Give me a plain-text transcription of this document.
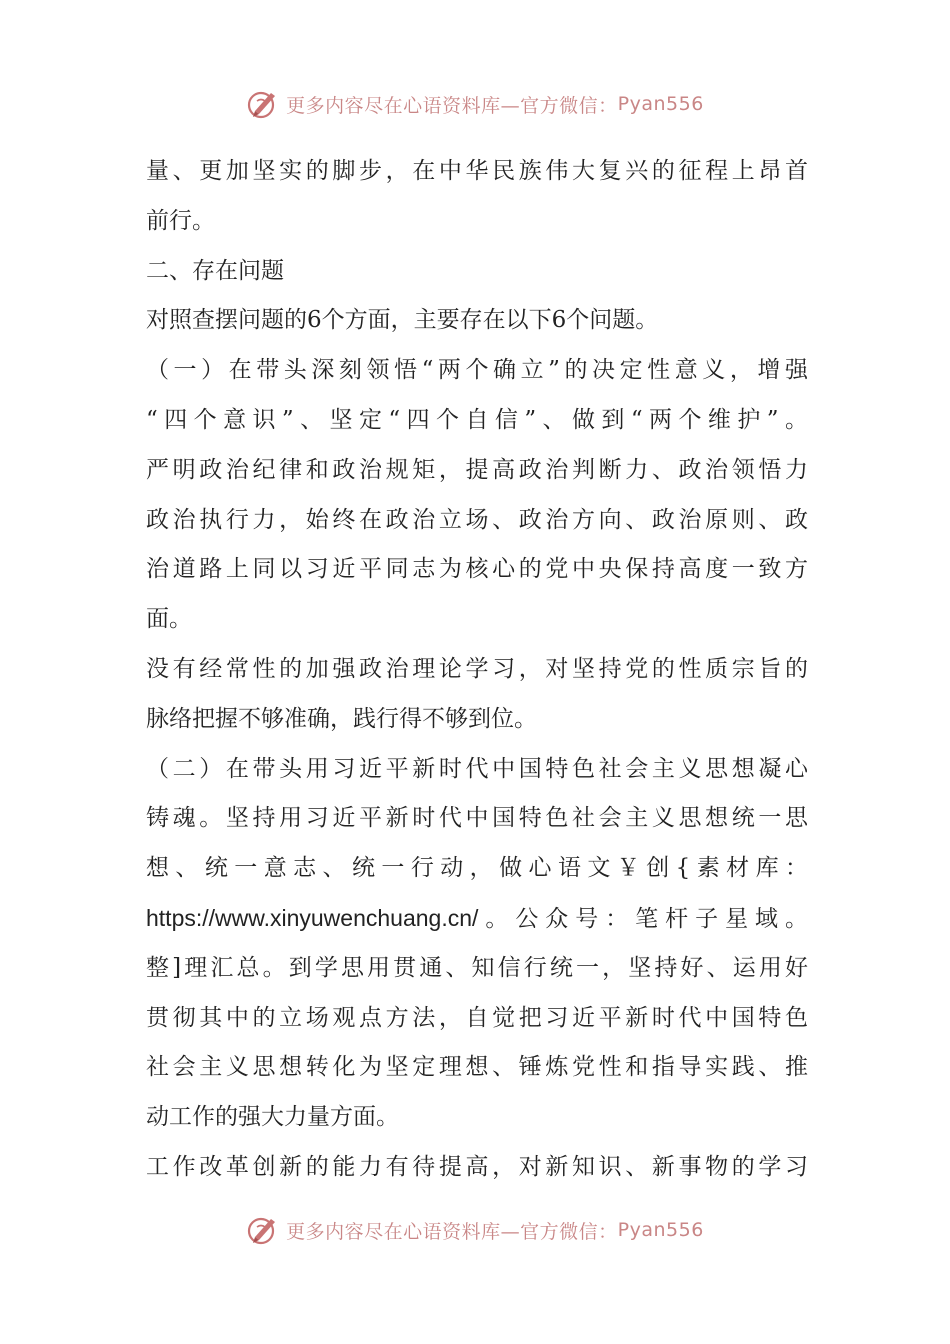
更多内容尽在心语资料库—官方微信： Pyan556
量、更加坚实的脚步，在中华民族伟大复兴的征程上昂首
前行。
二、存在问题
对照查摆问题的6个方面，主要存在以下6个问题。
（一）在带头深刻领悟“两个确立”的决定性意义，增强
“四个意识”、坚定“四个自信”、做到“两个维护”。
严明政治纪律和政治规矩，提高政治判断力、政治领悟力
政治执行力，始终在政治立场、政治方向、政治原则、政
治道路上同以习近平同志为核心的党中央保持高度一致方
面。
没有经常性的加强政治理论学习，对坚持党的性质宗旨的
脉络把握不够准确，践行得不够到位。
（二）在带头用习近平新时代中国特色社会主义思想凝心
铸魂。坚持用习近平新时代中国特色社会主义思想统一思
想、统一意志、统一行动，做心语文￥创{素材库：
https://www.xinyuwenchuang.cn/。公众号：笔杆子星域。
整]理汇总。到学思用贯通、知信行统一，坚持好、运用好
贯彻其中的立场观点方法，自觉把习近平新时代中国特色
社会主义思想转化为坚定理想、锤炼党性和指导实践、推
动工作的强大力量方面。
工作改革创新的能力有待提高，对新知识、新事物的学习
更多内容尽在心语资料库—官方微信： Pyan556
